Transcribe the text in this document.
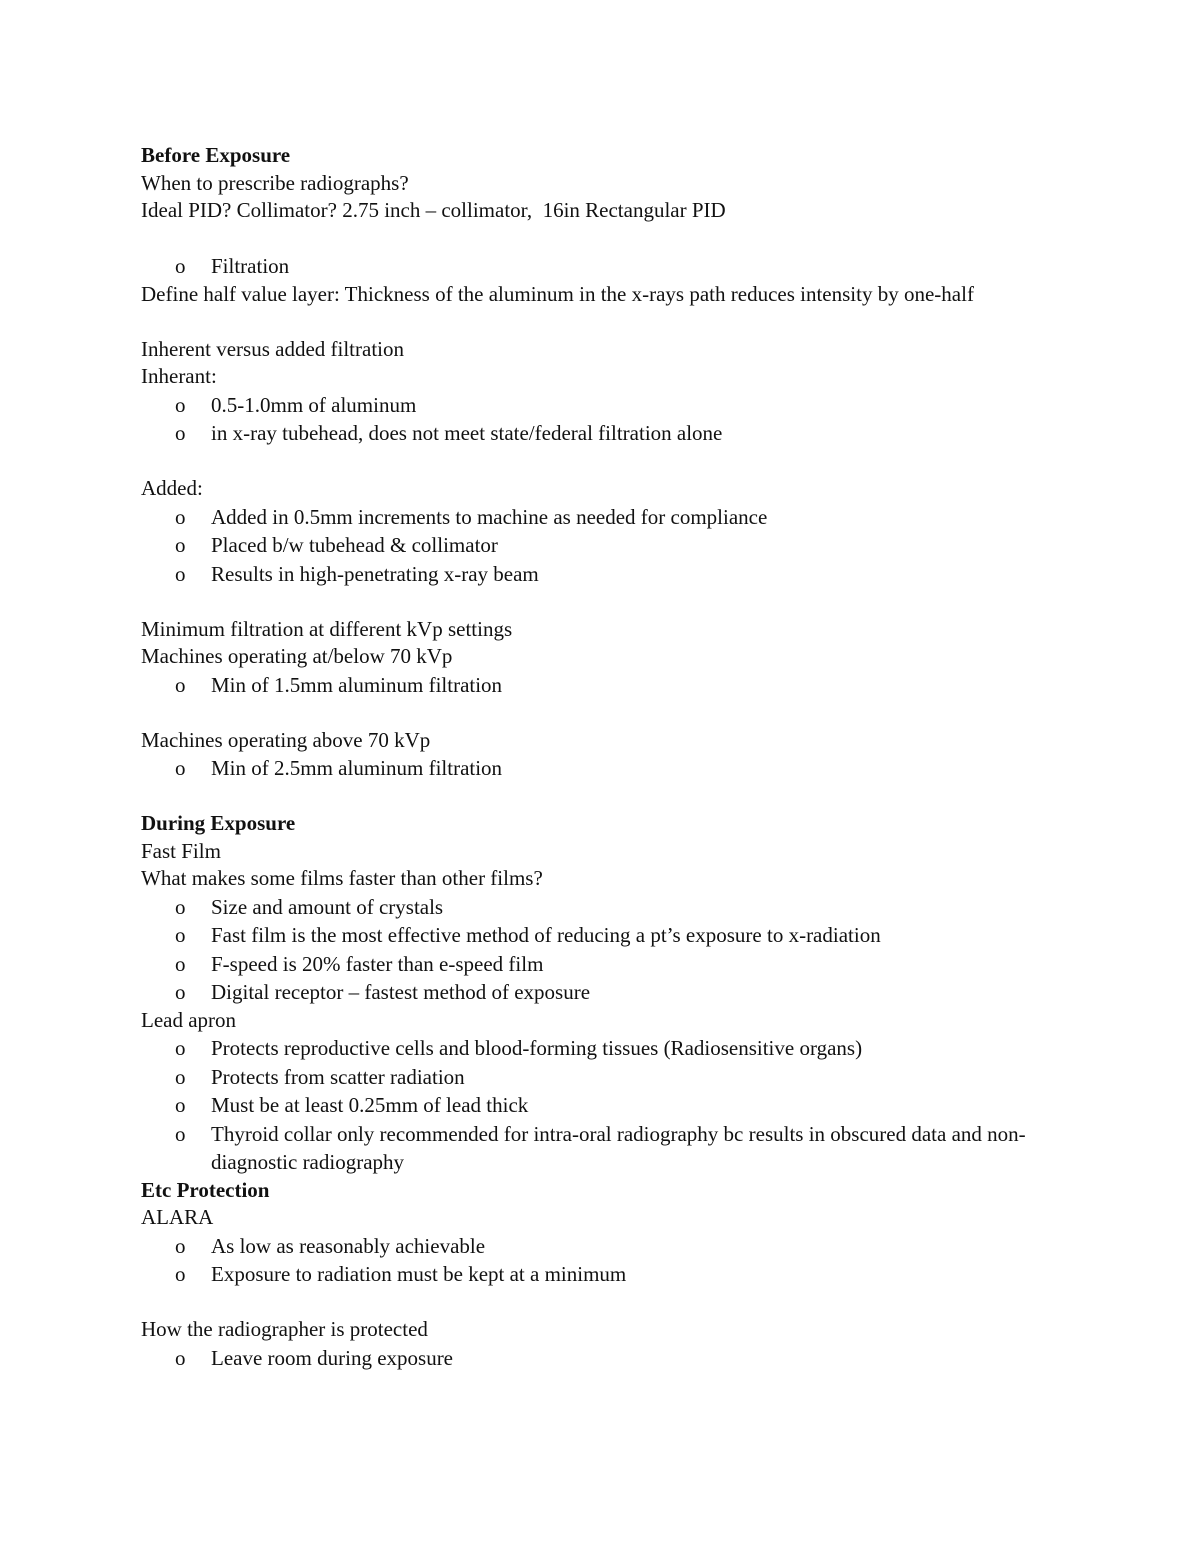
Before Exposure

When to prescribe radiographs?

Ideal PID? Collimator? 2.75 inch – collimator,  16in Rectangular PID

o Filtration

Define half value layer: Thickness of the aluminum in the x-rays path reduces intensity by one-half

Inherent versus added filtration

Inherant:

o 0.5-1.0mm of aluminum

o in x-ray tubehead, does not meet state/federal filtration alone

Added:

o Added in 0.5mm increments to machine as needed for compliance

o Placed b/w tubehead & collimator

o Results in high-penetrating x-ray beam

Minimum filtration at different kVp settings

Machines operating at/below 70 kVp

o Min of 1.5mm aluminum filtration

Machines operating above 70 kVp

o Min of 2.5mm aluminum filtration

During Exposure

Fast Film

What makes some films faster than other films?

o Size and amount of crystals

o Fast film is the most effective method of reducing a pt’s exposure to x-radiation

o F-speed is 20% faster than e-speed film

o Digital receptor – fastest method of exposure

Lead apron

o Protects reproductive cells and blood-forming tissues (Radiosensitive organs)

o Protects from scatter radiation

o Must be at least 0.25mm of lead thick

o Thyroid collar only recommended for intra-oral radiography bc results in obscured data and non-diagnostic radiography

Etc Protection

ALARA

o As low as reasonably achievable

o Exposure to radiation must be kept at a minimum

How the radiographer is protected

o Leave room during exposure
